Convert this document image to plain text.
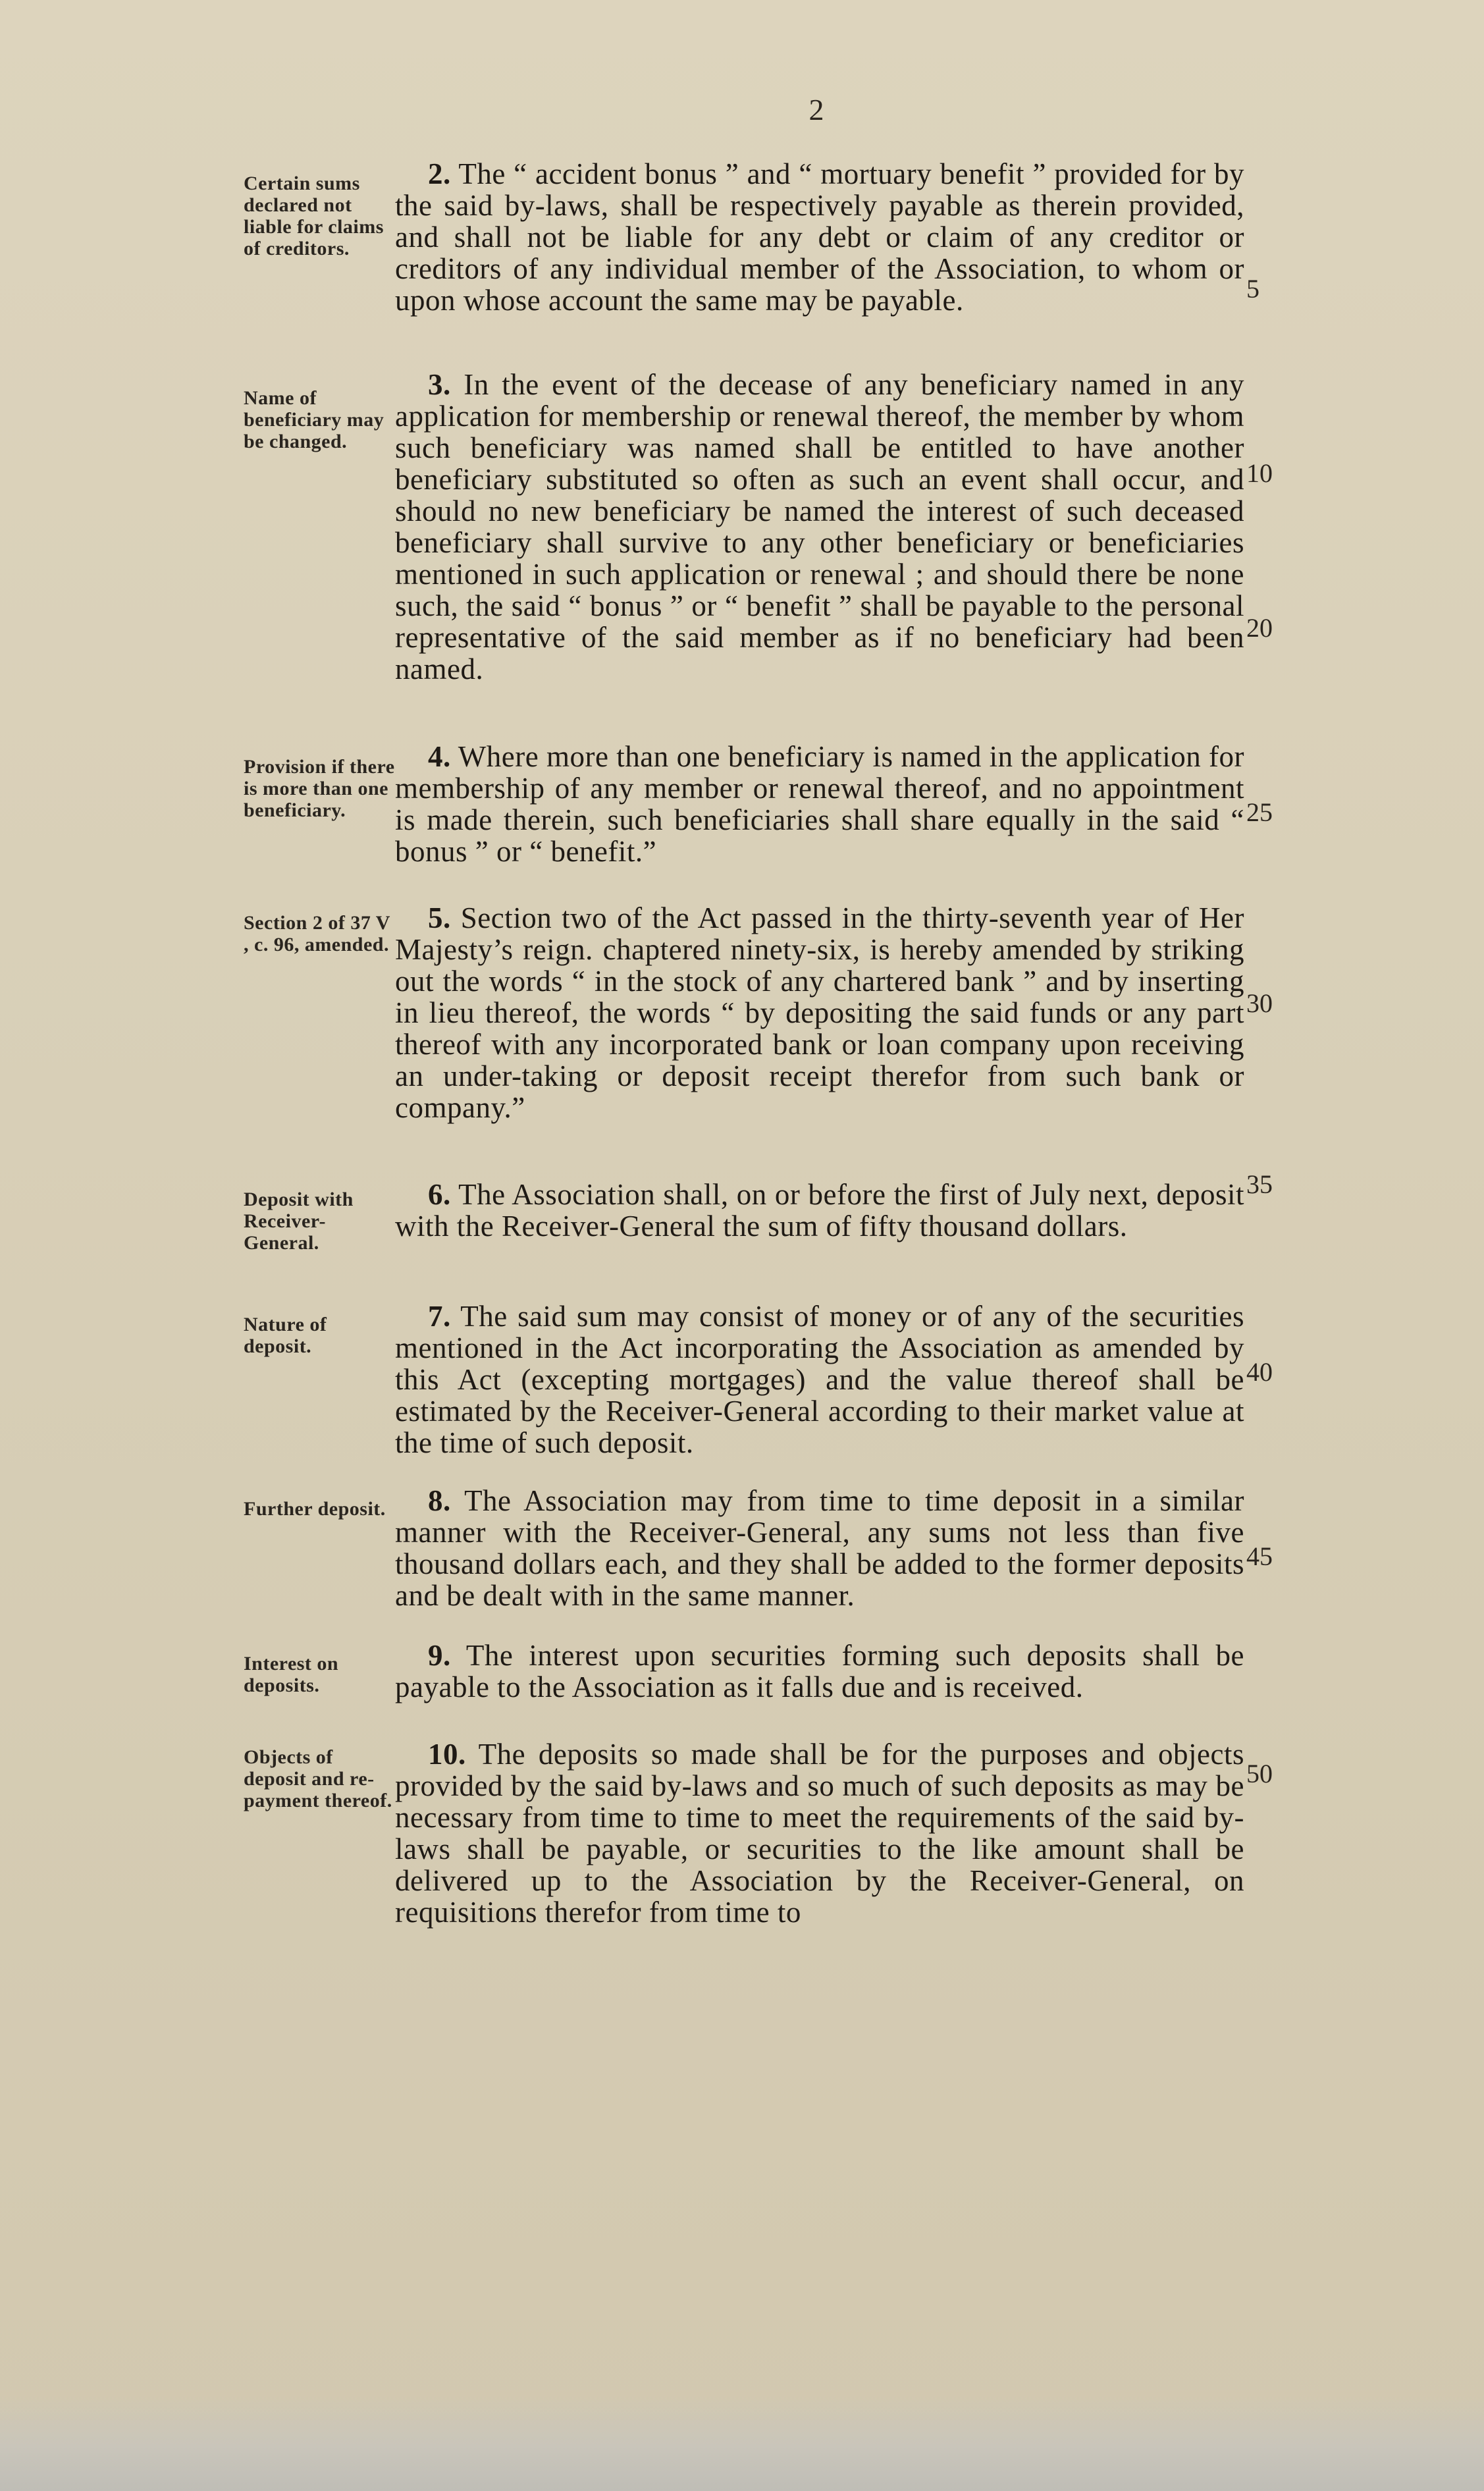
2
Certain sums declared not liable for claims of creditors.
2. The “ accident bonus ” and “ mortuary benefit ” provided for by the said by-laws, shall be respectively payable as therein provided, and shall not be liable for any debt or claim of any creditor or creditors of any individual member of the Association, to whom or upon whose account the same may be payable.
Name of beneficiary may be changed.
3. In the event of the decease of any beneficiary named in any application for membership or renewal thereof, the member by whom such beneficiary was named shall be entitled to have another beneficiary substituted so often as such an event shall occur, and should no new beneficiary be named the interest of such deceased beneficiary shall survive to any other beneficiary or beneficiaries mentioned in such application or renewal ; and should there be none such, the said “ bonus ” or “ benefit ” shall be payable to the personal representative of the said member as if no beneficiary had been named.
Provision if there is more than one beneficiary.
4. Where more than one beneficiary is named in the application for membership of any member or renewal thereof, and no appointment is made therein, such beneficiaries shall share equally in the said “ bonus ” or “ benefit.”
Section 2 of 37 V , c. 96, amended.
5. Section two of the Act passed in the thirty-seventh year of Her Majesty’s reign. chaptered ninety-six, is hereby amended by striking out the words “ in the stock of any chartered bank ” and by inserting in lieu thereof, the words “ by depositing the said funds or any part thereof with any incorporated bank or loan company upon receiving an under-taking or deposit receipt therefor from such bank or company.”
Deposit with Receiver-General.
6. The Association shall, on or before the first of July next, deposit with the Receiver-General the sum of fifty thousand dollars.
Nature of deposit.
7. The said sum may consist of money or of any of the securities mentioned in the Act incorporating the Association as amended by this Act (excepting mortgages) and the value thereof shall be estimated by the Receiver-General according to their market value at the time of such deposit.
Further deposit.	8. The Association may from time to time deposit in a similar manner with the Receiver-General, any sums not less than five thousand dollars each, and they shall be added to the former deposits and be dealt with in the same manner.
Interest on deposits.
9. The interest upon securities forming such deposits shall be payable to the Association as it falls due and is received.
Objects of deposit and re-payment thereof.
10. The deposits so made shall be for the purposes and objects provided by the said by-laws and so much of such deposits as may be necessary from time to time to meet the requirements of the said by-laws shall be payable, or securities to the like amount shall be delivered up to the Association by the Receiver-General, on requisitions therefor from time to
5
10
20
25
30
35
40
45
50
